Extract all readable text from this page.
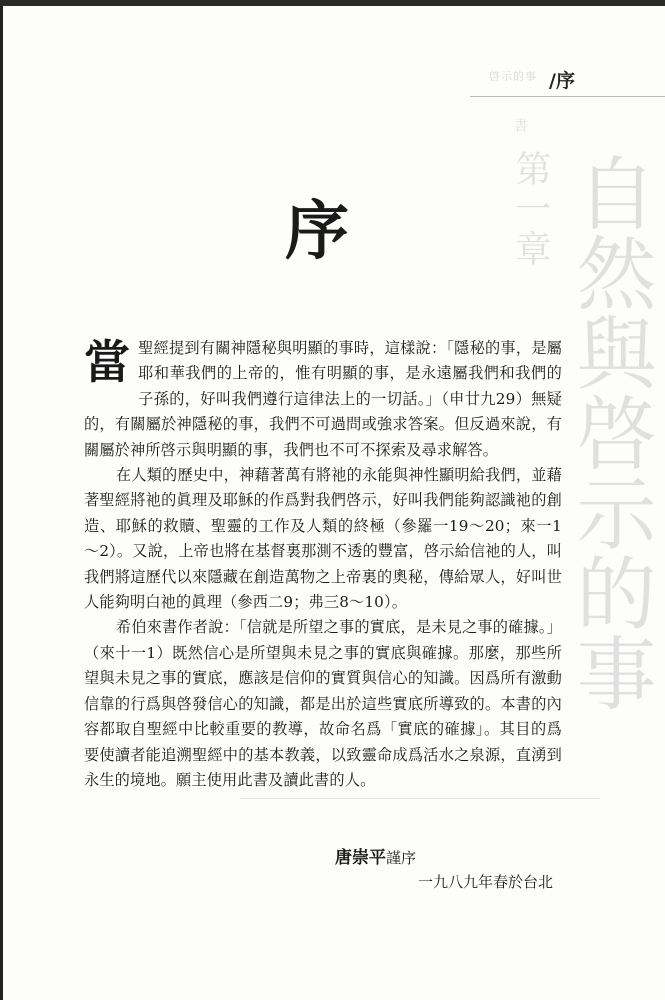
啓示的事 /序
書
第一章 自然與啓示的事
序

當聖經提到有關神隱秘與明顯的事時，這樣說：「隱秘的事，是屬耶和華我們的上帝的，惟有明顯的事，是永遠屬我們和我們的子孫的，好叫我們遵行這律法上的一切話。」（申廿九29）無疑的，有關屬於神隱秘的事，我們不可過問或強求答案。但反過來說，有關屬於神所啓示與明顯的事，我們也不可不探索及尋求解答。

在人類的歷史中，神藉著萬有將祂的永能與神性顯明給我們，並藉著聖經將祂的眞理及耶穌的作爲對我們啓示，好叫我們能夠認識祂的創造、耶穌的救贖、聖靈的工作及人類的終極（參羅一19～20；來一1～2）。又說，上帝也將在基督裏那測不透的豐富，啓示給信祂的人，叫我們將這歷代以來隱藏在創造萬物之上帝裏的奧秘，傳給眾人，好叫世人能夠明白祂的眞理（參西二9；弗三8～10）。

希伯來書作者說：「信就是所望之事的實底，是未見之事的確據。」（來十一1）既然信心是所望與未見之事的實底與確據。那麼，那些所望與未見之事的實底，應該是信仰的實質與信心的知識。因爲所有激動信靠的行爲與啓發信心的知識，都是出於這些實底所導致的。本書的內容都取自聖經中比較重要的教導，故命名爲「實底的確據」。其目的爲要使讀者能追溯聖經中的基本教義，以致靈命成爲活水之泉源，直湧到永生的境地。願主使用此書及讀此書的人。

唐崇平謹序
一九八九年春於台北
